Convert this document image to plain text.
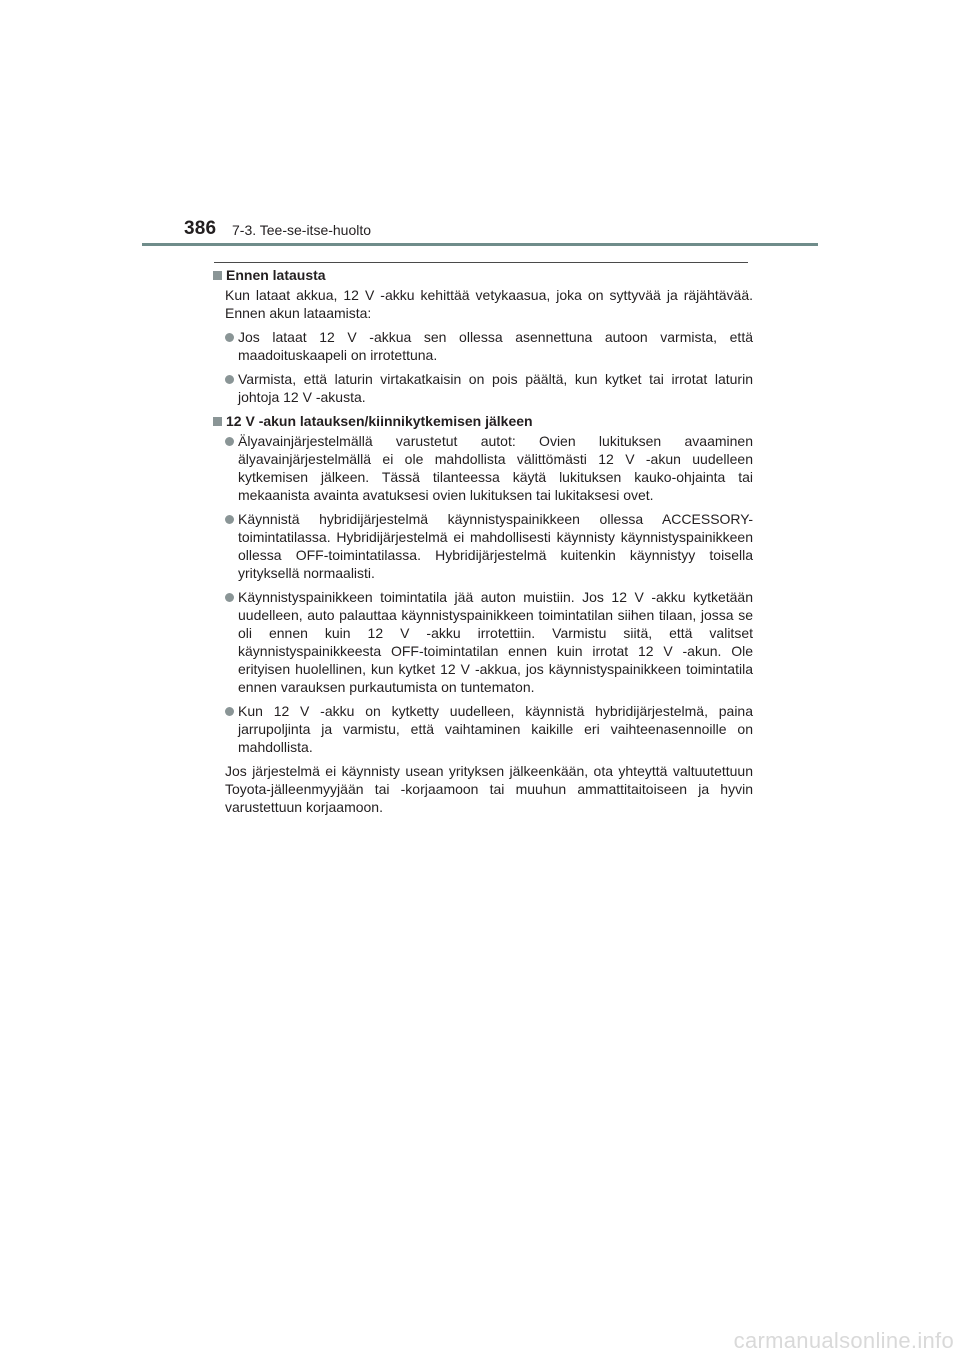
386 7-3. Tee-se-itse-huolto
Ennen latausta
Kun lataat akkua, 12 V -akku kehittää vetykaasua, joka on syttyvää ja räjähtävää. Ennen akun lataamista:
Jos lataat 12 V -akkua sen ollessa asennettuna autoon varmista, että maadoituskaapeli on irrotettuna.
Varmista, että laturin virtakatkaisin on pois päältä, kun kytket tai irrotat laturin johtoja 12 V -akusta.
12 V -akun latauksen/kiinnikytkemisen jälkeen
Älyavainjärjestelmällä varustetut autot: Ovien lukituksen avaaminen älyavainjärjestelmällä ei ole mahdollista välittömästi 12 V -akun uudelleen kytkemisen jälkeen. Tässä tilanteessa käytä lukituksen kauko-ohjainta tai mekaanista avainta avatuksesi ovien lukituksen tai lukitaksesi ovet.
Käynnistä hybridijärjestelmä käynnistyspainikkeen ollessa ACCESSORY-toimintatilassa. Hybridijärjestelmä ei mahdollisesti käynnisty käynnistyspainikkeen ollessa OFF-toimintatilassa. Hybridijärjestelmä kuitenkin käynnistyy toisella yrityksellä normaalisti.
Käynnistyspainikkeen toimintatila jää auton muistiin. Jos 12 V -akku kytketään uudelleen, auto palauttaa käynnistyspainikkeen toimintatilan siihen tilaan, jossa se oli ennen kuin 12 V -akku irrotettiin. Varmistu siitä, että valitset käynnistyspainikkeesta OFF-toimintatilan ennen kuin irrotat 12 V -akun. Ole erityisen huolellinen, kun kytket 12 V -akkua, jos käynnistyspainikkeen toimintatila ennen varauksen purkautumista on tuntematon.
Kun 12 V -akku on kytketty uudelleen, käynnistä hybridijärjestelmä, paina jarrupoljinta ja varmistu, että vaihtaminen kaikille eri vaihteenasennoille on mahdollista.
Jos järjestelmä ei käynnisty usean yrityksen jälkeenkään, ota yhteyttä valtuutettuun Toyota-jälleenmyyjään tai -korjaamoon tai muuhun ammattitaitoiseen ja hyvin varustettuun korjaamoon.
carmanualsonline.info
